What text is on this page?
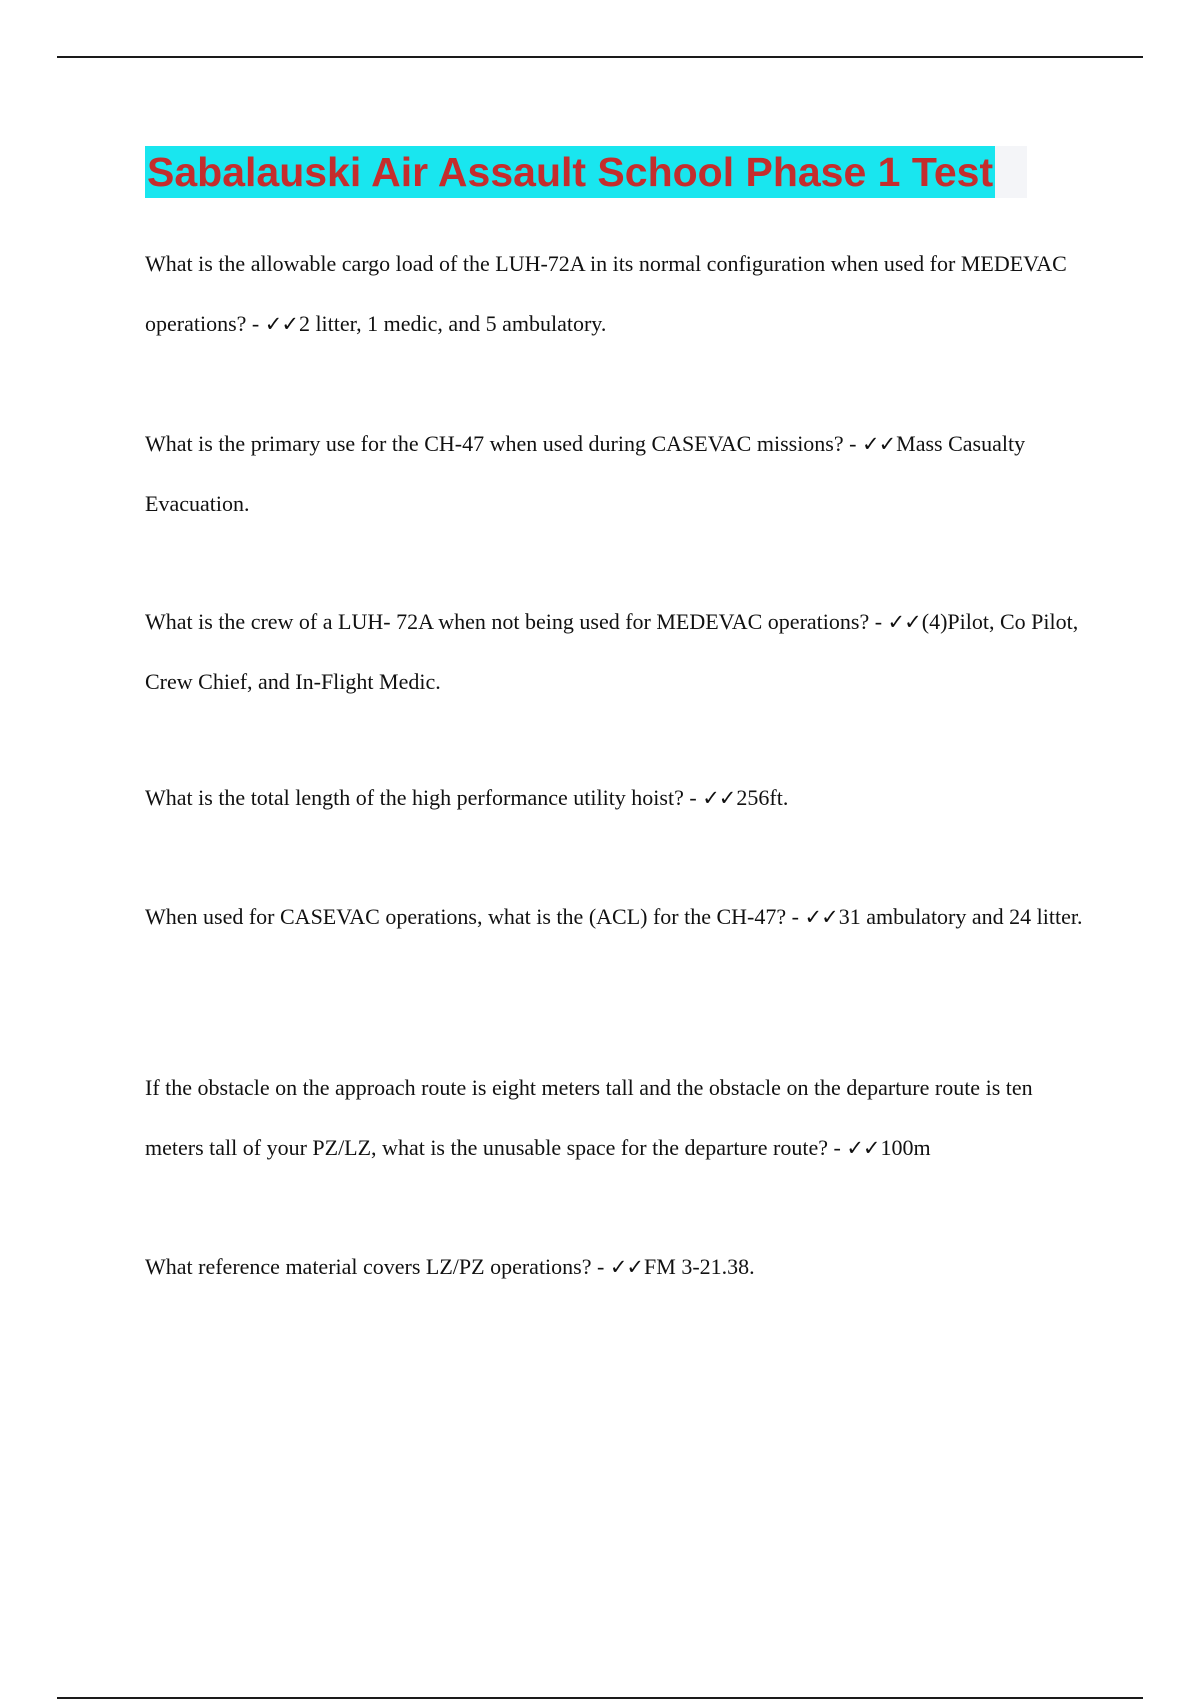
Sabalauski Air Assault School Phase 1 Test

What is the allowable cargo load of the LUH-72A in its normal configuration when used for MEDEVAC operations? - ✓✓2 litter, 1 medic, and 5 ambulatory.

What is the primary use for the CH-47 when used during CASEVAC missions? - ✓✓Mass Casualty Evacuation.

What is the crew of a LUH- 72A when not being used for MEDEVAC operations? - ✓✓(4)Pilot, Co Pilot, Crew Chief, and In-Flight Medic.

What is the total length of the high performance utility hoist? - ✓✓256ft.

When used for CASEVAC operations, what is the (ACL) for the CH-47? - ✓✓31 ambulatory and 24 litter.

If the obstacle on the approach route is eight meters tall and the obstacle on the departure route is ten meters tall of your PZ/LZ, what is the unusable space for the departure route? - ✓✓100m

What reference material covers LZ/PZ operations? - ✓✓FM 3-21.38.
